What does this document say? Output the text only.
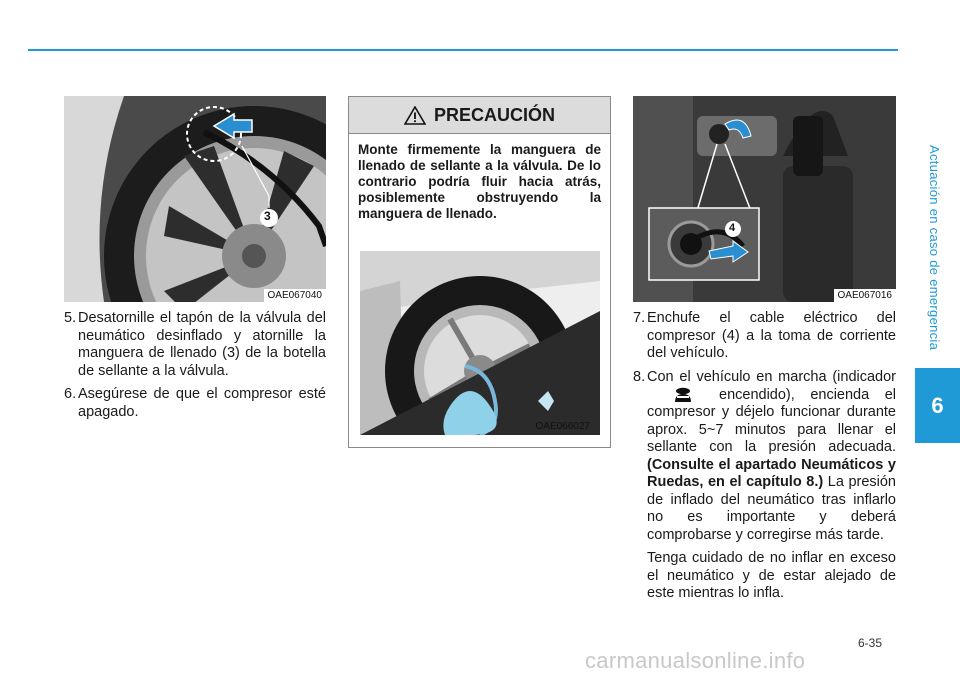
Actuación en caso de emergencia
6
3
OAE067040
5. Desatornille el tapón de la válvula del neumático desinflado y atornille la manguera de llenado (3) de la botella de sellante a la válvula.
6. Asegúrese de que el compresor esté apagado.
PRECAUCIÓN
Monte firmemente la manguera de llenado de sellante a la válvula. De lo contrario podría fluir hacia atrás, posiblemente obstruyendo la manguera de llenado.
OAE066027
4
OAE067016
7. Enchufe el cable eléctrico del compresor (4) a la toma de corriente del vehículo.
8. Con el vehículo en marcha (indicadorencendido), encienda el compresor y déjelo funcionar durante aprox. 5~7 minutos para llenar el sellante con la presión adecuada. (Consulte el apartado Neumáticos y Ruedas, en el capítulo 8.) La presión de inflado del neumático tras inflarlo no es importante y deberá comprobarse y corregirse más tarde.

Tenga cuidado de no inflar en exceso el neumático y de estar alejado de este mientras lo infla.

6-35
carmanualsonline.info
